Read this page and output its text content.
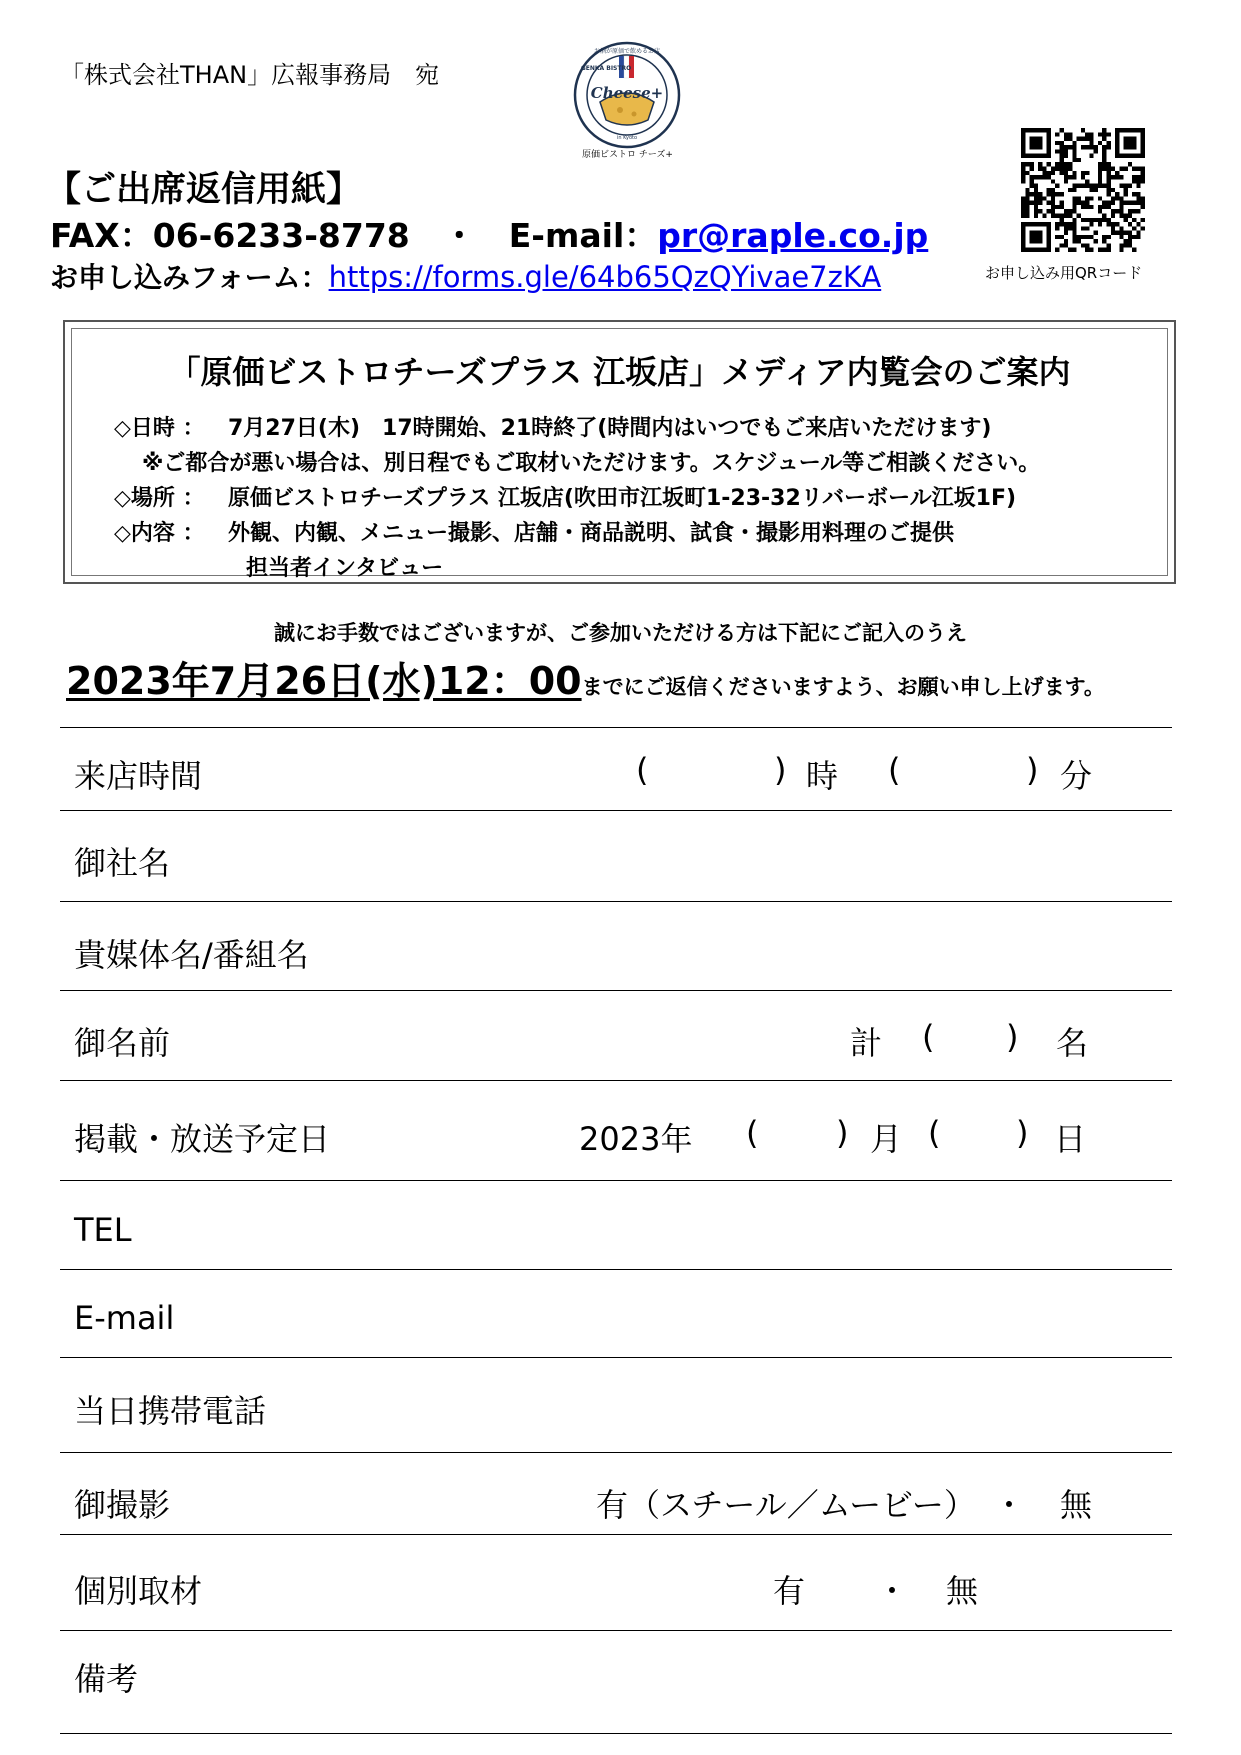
「株式会社THAN」広報事務局　宛
Cheese+
お酒が原価で飲めるお店
GENKA BISTRO
in Kyoto
原価ビストロ チーズ+
お申し込み用QRコード
【ご出席返信用紙】
FAX：06-6233-8778　・　E-mail：pr@raple.co.jp
お申し込みフォーム：https://forms.gle/64b65QzQYivae7zKA
「原価ビストロチーズプラス 江坂店」メディア内覧会のご案内
◇日時 ： 7月27日(木)　17時開始、21時終了(時間内はいつでもご来店いただけます)
※ご都合が悪い場合は、別日程でもご取材いただけます。スケジュール等ご相談ください。
◇場所 ： 原価ビストロチーズプラス 江坂店(吹田市江坂町1-23-32リバーボール江坂1F)
◇内容 ： 外観、内観、メニュー撮影、店舗・商品説明、試食・撮影用料理のご提供
担当者インタビュー
誠にお手数ではございますが、ご参加いただける方は下記にご記入のうえ
2023年7月26日(水)12：00までにご返信くださいますよう、お願い申し上げます。
来店時間	(	) 時 (	) 分
御社名
貴媒体名/番組名
御名前	計 ( ) 名
掲載・放送予定日	2023年 ( ) 月 ( ) 日
TEL
E-mail
当日携帯電話
御撮影	有（スチール／ムービー） ・ 無
個別取材	有 ・ 無
備考
